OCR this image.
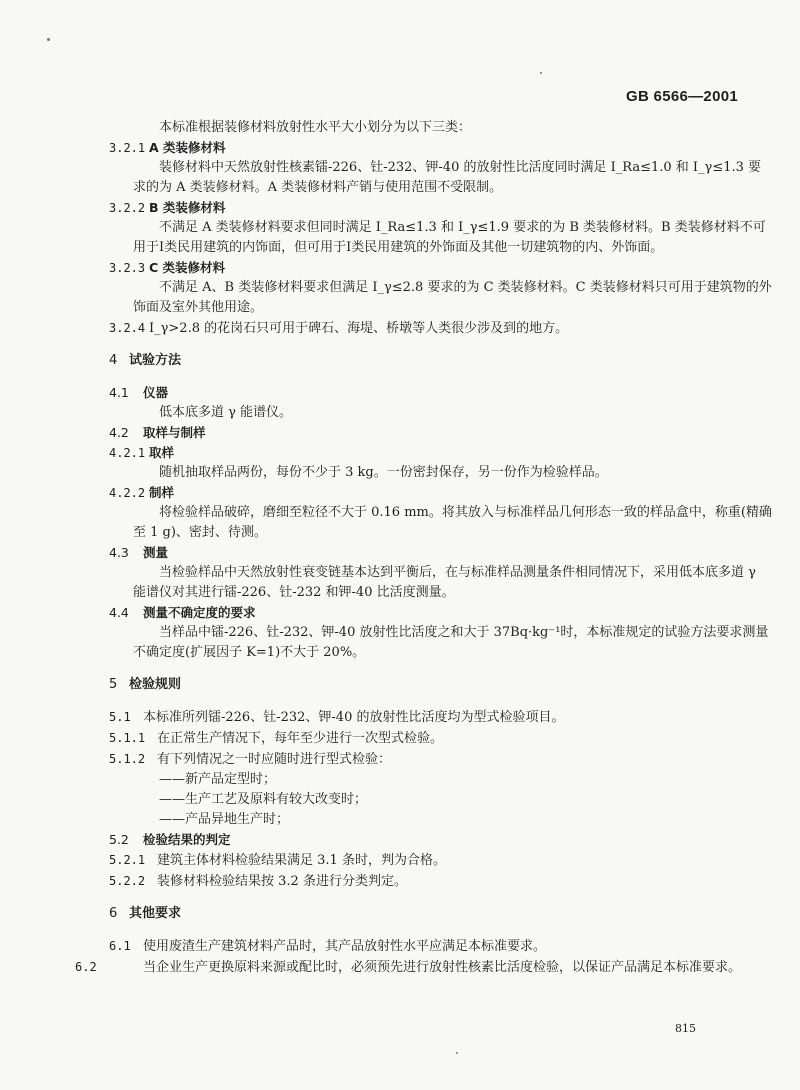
GB 6566—2001

本标准根据装修材料放射性水平大小划分为以下三类：

3.2.1 A 类装修材料

装修材料中天然放射性核素镭-226、钍-232、钾-40 的放射性比活度同时满足 I_Ra≤1.0 和 I_γ≤1.3 要求的为 A 类装修材料。A 类装修材料产销与使用范围不受限制。

3.2.2 B 类装修材料

不满足 A 类装修材料要求但同时满足 I_Ra≤1.3 和 I_γ≤1.9 要求的为 B 类装修材料。B 类装修材料不可用于Ⅰ类民用建筑的内饰面，但可用于Ⅰ类民用建筑的外饰面及其他一切建筑物的内、外饰面。

3.2.3 C 类装修材料

不满足 A、B 类装修材料要求但满足 I_γ≤2.8 要求的为 C 类装修材料。C 类装修材料只可用于建筑物的外饰面及室外其他用途。

3.2.4 I_γ>2.8 的花岗石只可用于碑石、海堤、桥墩等人类很少涉及到的地方。

4 试验方法

4.1 仪器

低本底多道 γ 能谱仪。

4.2 取样与制样

4.2.1 取样

随机抽取样品两份，每份不少于 3 kg。一份密封保存，另一份作为检验样品。

4.2.2 制样

将检验样品破碎，磨细至粒径不大于 0.16 mm。将其放入与标准样品几何形态一致的样品盒中，称重(精确至 1 g)、密封、待测。

4.3 测量

当检验样品中天然放射性衰变链基本达到平衡后，在与标准样品测量条件相同情况下，采用低本底多道 γ 能谱仪对其进行镭-226、钍-232 和钾-40 比活度测量。

4.4 测量不确定度的要求

当样品中镭-226、钍-232、钾-40 放射性比活度之和大于 37Bq·kg⁻¹时，本标准规定的试验方法要求测量不确定度(扩展因子 K=1)不大于 20%。

5 检验规则

5.1 本标准所列镭-226、钍-232、钾-40 的放射性比活度均为型式检验项目。

5.1.1 在正常生产情况下，每年至少进行一次型式检验。

5.1.2 有下列情况之一时应随时进行型式检验：

——新产品定型时；

——生产工艺及原料有较大改变时；

——产品异地生产时；

5.2 检验结果的判定

5.2.1 建筑主体材料检验结果满足 3.1 条时，判为合格。

5.2.2 装修材料检验结果按 3.2 条进行分类判定。

6 其他要求

6.1 使用废渣生产建筑材料产品时，其产品放射性水平应满足本标准要求。

6.2	当企业生产更换原料来源或配比时，必须预先进行放射性核素比活度检验，以保证产品满足本标准要求。

815
